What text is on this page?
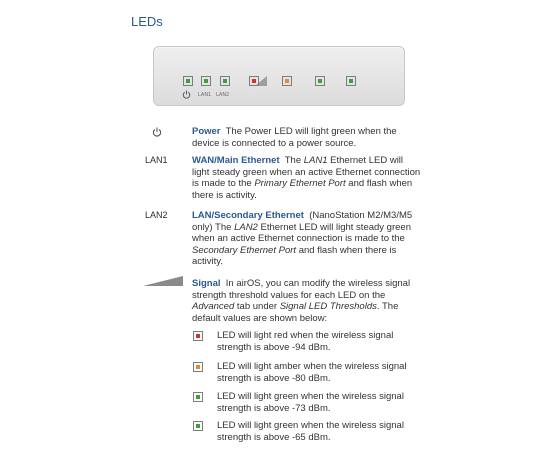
LEDs
LAN1 LAN2
Power The Power LED will light green when the device is connected to a power source.
LAN1	WAN/Main Ethernet The LAN1 Ethernet LED will light steady green when an active Ethernet connection is made to the Primary Ethernet Port and flash when there is activity.
LAN2	LAN/Secondary Ethernet (NanoStation M2/M3/M5 only) The LAN2 Ethernet LED will light steady green when an active Ethernet connection is made to the Secondary Ethernet Port and flash when there is activity.
Signal In airOS, you can modify the wireless signal strength threshold values for each LED on the Advanced tab under Signal LED Thresholds. The default values are shown below:
LED will light red when the wireless signal strength is above -94 dBm.
LED will light amber when the wireless signal strength is above -80 dBm.
LED will light green when the wireless signal strength is above -73 dBm.
LED will light green when the wireless signal strength is above -65 dBm.
